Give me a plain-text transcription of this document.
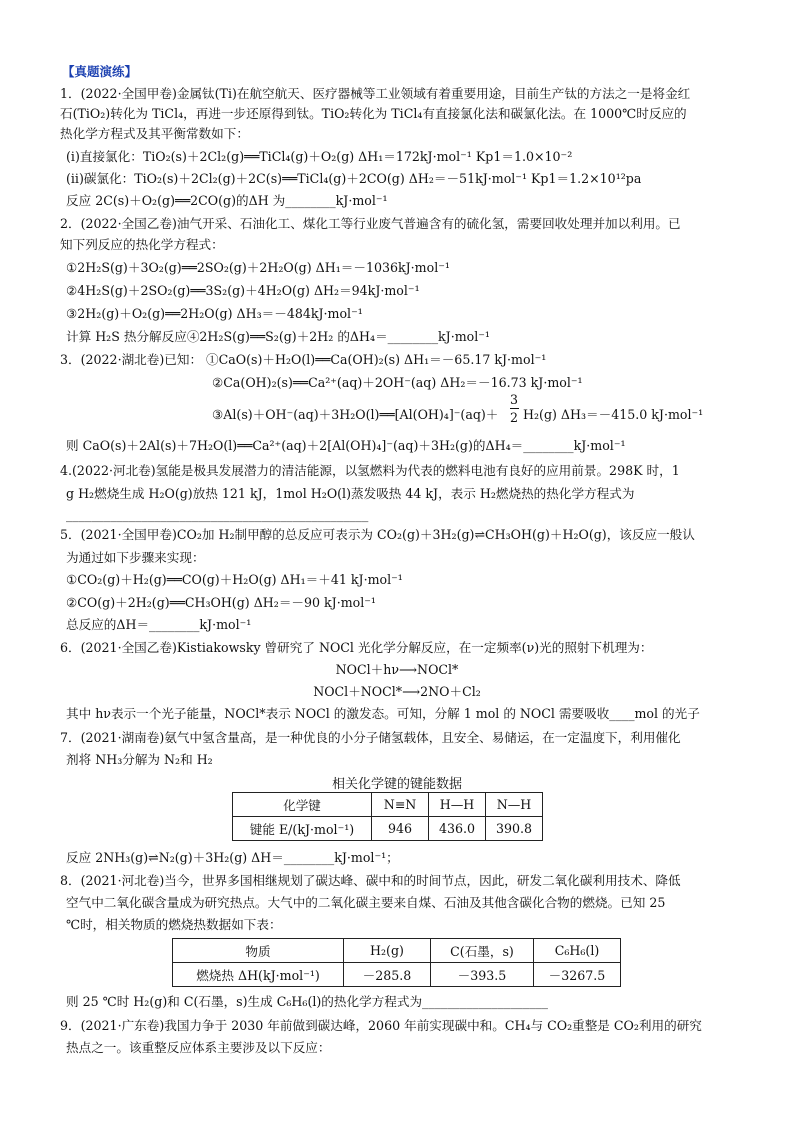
【真题演练】
1．(2022·全国甲卷)金属钛(Ti)在航空航天、医疗器械等工业领域有着重要用途，目前生产钛的方法之一是将金红
石(TiO₂)转化为 TiCl₄，再进一步还原得到钛。TiO₂转化为 TiCl₄有直接氯化法和碳氯化法。在 1000℃时反应的
热化学方程式及其平衡常数如下：
(ⅰ)直接氯化：TiO₂(s)＋2Cl₂(g)══TiCl₄(g)＋O₂(g) ΔH₁＝172kJ·mol⁻¹ Kp1＝1.0×10⁻²
(ⅱ)碳氯化：TiO₂(s)＋2Cl₂(g)＋2C(s)══TiCl₄(g)＋2CO(g) ΔH₂＝－51kJ·mol⁻¹ Kp1＝1.2×10¹²pa
反应 2C(s)＋O₂(g)══2CO(g)的ΔH 为________kJ·mol⁻¹
2．(2022·全国乙卷)油气开采、石油化工、煤化工等行业废气普遍含有的硫化氢，需要回收处理并加以利用。已
知下列反应的热化学方程式：
①2H₂S(g)＋3O₂(g)══2SO₂(g)＋2H₂O(g) ΔH₁＝－1036kJ·mol⁻¹
②4H₂S(g)＋2SO₂(g)══3S₂(g)＋4H₂O(g) ΔH₂＝94kJ·mol⁻¹
③2H₂(g)＋O₂(g)══2H₂O(g) ΔH₃＝－484kJ·mol⁻¹
计算 H₂S 热分解反应④2H₂S(g)══S₂(g)＋2H₂ 的ΔH₄＝________kJ·mol⁻¹
3．(2022·湖北卷)已知： ①CaO(s)＋H₂O(l)══Ca(OH)₂(s) ΔH₁＝－65.17 kJ·mol⁻¹
②Ca(OH)₂(s)══Ca²⁺(aq)＋2OH⁻(aq) ΔH₂＝－16.73 kJ·mol⁻¹
③Al(s)＋OH⁻(aq)＋3H₂O(l)══[Al(OH)₄]⁻(aq)＋
3
2 H₂(g) ΔH₃＝－415.0 kJ·mol⁻¹
则 CaO(s)＋2Al(s)＋7H₂O(l)══Ca²⁺(aq)＋2[Al(OH)₄]⁻(aq)＋3H₂(g)的ΔH₄＝________kJ·mol⁻¹
4.(2022·河北卷)氢能是极具发展潜力的清洁能源，以氢燃料为代表的燃料电池有良好的应用前景。298K 时，1
g H₂燃烧生成 H₂O(g)放热 121 kJ，1mol H₂O(l)蒸发吸热 44 kJ，表示 H₂燃烧热的热化学方程式为
________________________________________________
5．(2021·全国甲卷)CO₂加 H₂制甲醇的总反应可表示为 CO₂(g)＋3H₂(g)⇌CH₃OH(g)＋H₂O(g)，该反应一般认
为通过如下步骤来实现：
①CO₂(g)＋H₂(g)══CO(g)＋H₂O(g) ΔH₁＝＋41 kJ·mol⁻¹
②CO(g)＋2H₂(g)══CH₃OH(g) ΔH₂＝－90 kJ·mol⁻¹
总反应的ΔH＝________kJ·mol⁻¹
6．(2021·全国乙卷)Kistiakowsky 曾研究了 NOCl 光化学分解反应，在一定频率(ν)光的照射下机理为：
NOCl＋hν⟶NOCl*
NOCl＋NOCl*⟶2NO＋Cl₂
其中 hν表示一个光子能量，NOCl*表示 NOCl 的激发态。可知，分解 1 mol 的 NOCl 需要吸收____mol 的光子
7．(2021·湖南卷)氨气中氢含量高，是一种优良的小分子储氢载体，且安全、易储运，在一定温度下，利用催化
剂将 NH₃分解为 N₂和 H₂
相关化学键的键能数据
化学键	N≡N	H—H	N—H
键能 E/(kJ·mol⁻¹)	946	436.0	390.8
反应 2NH₃(g)⇌N₂(g)＋3H₂(g) ΔH＝________kJ·mol⁻¹；
8．(2021·河北卷)当今，世界多国相继规划了碳达峰、碳中和的时间节点，因此，研发二氧化碳利用技术、降低
空气中二氧化碳含量成为研究热点。大气中的二氧化碳主要来自煤、石油及其他含碳化合物的燃烧。已知 25
℃时，相关物质的燃烧热数据如下表：
物质	H₂(g)	C(石墨，s)	C₆H₆(l)
燃烧热 ΔH(kJ·mol⁻¹)	－285.8	－393.5	－3267.5
则 25 ℃时 H₂(g)和 C(石墨，s)生成 C₆H₆(l)的热化学方程式为____________________
9．(2021·广东卷)我国力争于 2030 年前做到碳达峰，2060 年前实现碳中和。CH₄与 CO₂重整是 CO₂利用的研究
热点之一。该重整反应体系主要涉及以下反应：
